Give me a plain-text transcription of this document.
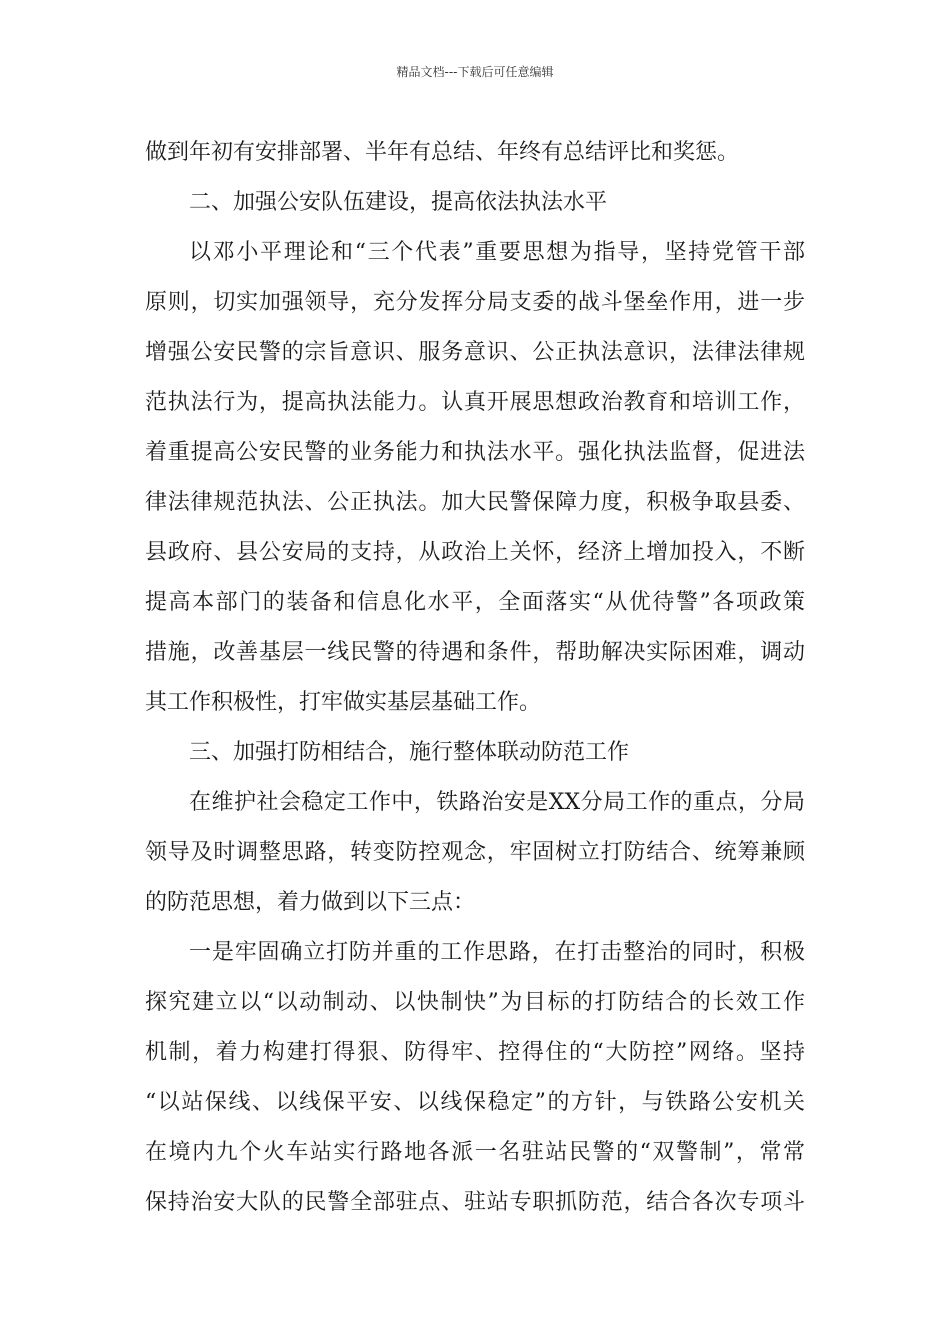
精品文档---下载后可任意编辑
做到年初有安排部署、半年有总结、年终有总结评比和奖惩。
二、加强公安队伍建设，提高依法执法水平
以邓小平理论和“三个代表”重要思想为指导，坚持党管干部
原则，切实加强领导，充分发挥分局支委的战斗堡垒作用，进一步
增强公安民警的宗旨意识、服务意识、公正执法意识，法律法律规
范执法行为，提高执法能力。认真开展思想政治教育和培训工作，
着重提高公安民警的业务能力和执法水平。强化执法监督，促进法
律法律规范执法、公正执法。加大民警保障力度，积极争取县委、
县政府、县公安局的支持，从政治上关怀，经济上增加投入，不断
提高本部门的装备和信息化水平，全面落实“从优待警”各项政策
措施，改善基层一线民警的待遇和条件，帮助解决实际困难，调动
其工作积极性，打牢做实基层基础工作。
三、加强打防相结合，施行整体联动防范工作
在维护社会稳定工作中，铁路治安是XX分局工作的重点，分局
领导及时调整思路，转变防控观念，牢固树立打防结合、统筹兼顾
的防范思想，着力做到以下三点：
一是牢固确立打防并重的工作思路，在打击整治的同时，积极
探究建立以“以动制动、以快制快”为目标的打防结合的长效工作
机制，着力构建打得狠、防得牢、控得住的“大防控”网络。坚持
“以站保线、以线保平安、以线保稳定”的方针，与铁路公安机关
在境内九个火车站实行路地各派一名驻站民警的“双警制”，常常
保持治安大队的民警全部驻点、驻站专职抓防范，结合各次专项斗
